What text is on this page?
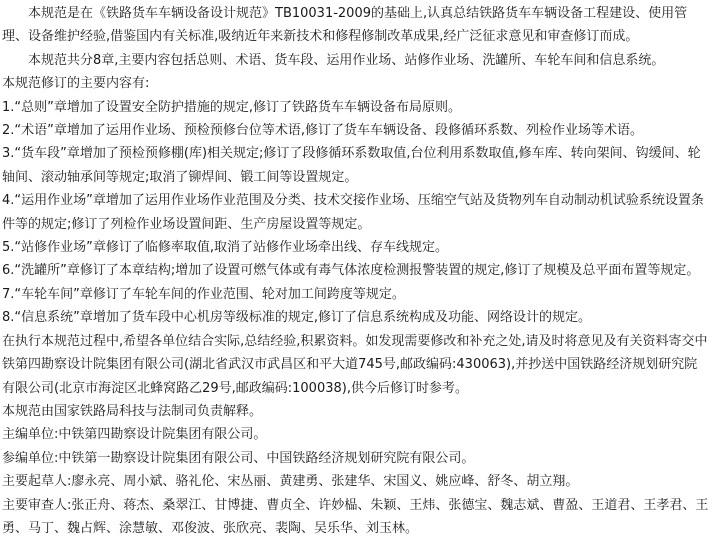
本规范是在《铁路货车车辆设备设计规范》TB10031-2009的基础上,认真总结铁路货车车辆设备工程建设、使用管理、设备维护经验,借鉴国内有关标准,吸纳近年来新技术和修程修制改革成果,经广泛征求意见和审查修订而成。

本规范共分8章,主要内容包括总则、术语、货车段、运用作业场、站修作业场、洗罐所、车轮车间和信息系统。

本规范修订的主要内容有:

1.“总则”章增加了设置安全防护措施的规定,修订了铁路货车车辆设备布局原则。

2.“术语”章增加了运用作业场、预检预修台位等术语,修订了货车车辆设备、段修循环系数、列检作业场等术语。

3.“货车段”章增加了预检预修棚(库)相关规定;修订了段修循环系数取值,台位利用系数取值,修车库、转向架间、钩缓间、轮轴间、滚动轴承间等规定;取消了铆焊间、锻工间等设置规定。

4.“运用作业场”章增加了运用作业场作业范围及分类、技术交接作业场、压缩空气站及货物列车自动制动机试验系统设置条件等的规定;修订了列检作业场设置间距、生产房屋设置等规定。

5.“站修作业场”章修订了临修率取值,取消了站修作业场牵出线、存车线规定。

6.“洗罐所”章修订了本章结构;增加了设置可燃气体或有毒气体浓度检测报警装置的规定,修订了规模及总平面布置等规定。

7.“车轮车间”章修订了车轮车间的作业范围、轮对加工间跨度等规定。

8.“信息系统”章增加了货车段中心机房等级标准的规定,修订了信息系统构成及功能、网络设计的规定。

在执行本规范过程中,希望各单位结合实际,总结经验,积累资料。如发现需要修改和补充之处,请及时将意见及有关资料寄交中铁第四勘察设计院集团有限公司(湖北省武汉市武昌区和平大道745号,邮政编码:430063),并抄送中国铁路经济规划研究院有限公司(北京市海淀区北蜂窝路乙29号,邮政编码:100038),供今后修订时参考。

本规范由国家铁路局科技与法制司负责解释。

主编单位:中铁第四勘察设计院集团有限公司。

参编单位:中铁第一勘察设计院集团有限公司、中国铁路经济规划研究院有限公司。

主要起草人:廖永亮、周小斌、骆礼伦、宋丛丽、黄建勇、张建华、宋国义、姚应峰、舒冬、胡立翔。

主要审查人:张正舟、蒋杰、桑翠江、甘博捷、曹贞全、许妙榀、朱颖、王炜、张德宝、魏志斌、曹盈、王道君、王孝君、王勇、马丁、魏占辉、涂慧敏、邓俊波、张欣亮、裴陶、吴乐华、刘玉林。
